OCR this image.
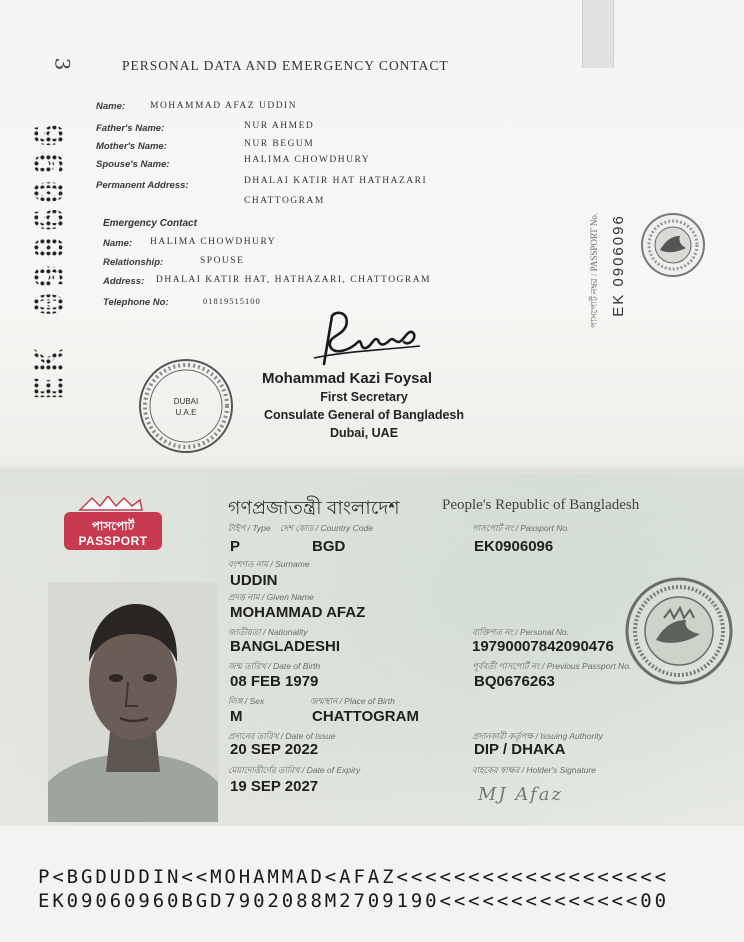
3	PERSONAL DATA AND EMERGENCY CONTACT
EK 0906096
Name:	MOHAMMAD AFAZ UDDIN
Father's Name:	NUR AHMED
Mother's Name:	NUR BEGUM
Spouse's Name:	HALIMA CHOWDHURY
Permanent Address:	DHALAI KATIR HAT HATHAZARI
CHATTOGRAM
Emergency Contact
Name: HALIMA CHOWDHURY
Relationship:	SPOUSE
Address: DHALAI KATIR HAT, HATHAZARI, CHATTOGRAM
Telephone No:	01819515100
Mohammad Kazi Foysal
First Secretary
Consulate General of Bangladesh
Dubai, UAE
DUBAI
U.A.E
পাসপোর্ট নম্বর / PASSPORT No. EK 0906096
পাসপোর্ট
PASSPORT
গণপ্রজাতন্ত্রী বাংলাদেশ	People's Republic of Bangladesh
টাইপ / Type দেশ কোড / Country Code	পাসপোর্ট নং / Passport No.
P	BGD	EK0906096
বংশগত নাম / Surname
UDDIN
প্রদত্ত নাম / Given Name
MOHAMMAD AFAZ
জাতীয়তা / Nationality
BANGLADESHI
ব্যক্তিগত নং / Personal No.
19790007842090476
জন্ম তারিখ / Date of Birth
08 FEB 1979
পূর্ববর্তী পাসপোর্ট নং / Previous Passport No.
BQ0676263
লিঙ্গ / Sex	জন্মস্থান / Place of Birth
M	CHATTOGRAM
প্রদানের তারিখ / Date of Issue
20 SEP 2022
প্রদানকারী কর্তৃপক্ষ / Issuing Authority
DIP / DHAKA
মেয়াদোত্তীর্ণের তারিখ / Date of Expiry
19 SEP 2027
বাহকের স্বাক্ষর / Holder's Signature
MJ Afaz
P<BGDUDDIN<<MOHAMMAD<AFAZ<<<<<<<<<<<<<<<<<<<
EK09060960BGD7902088M2709190<<<<<<<<<<<<<<00
